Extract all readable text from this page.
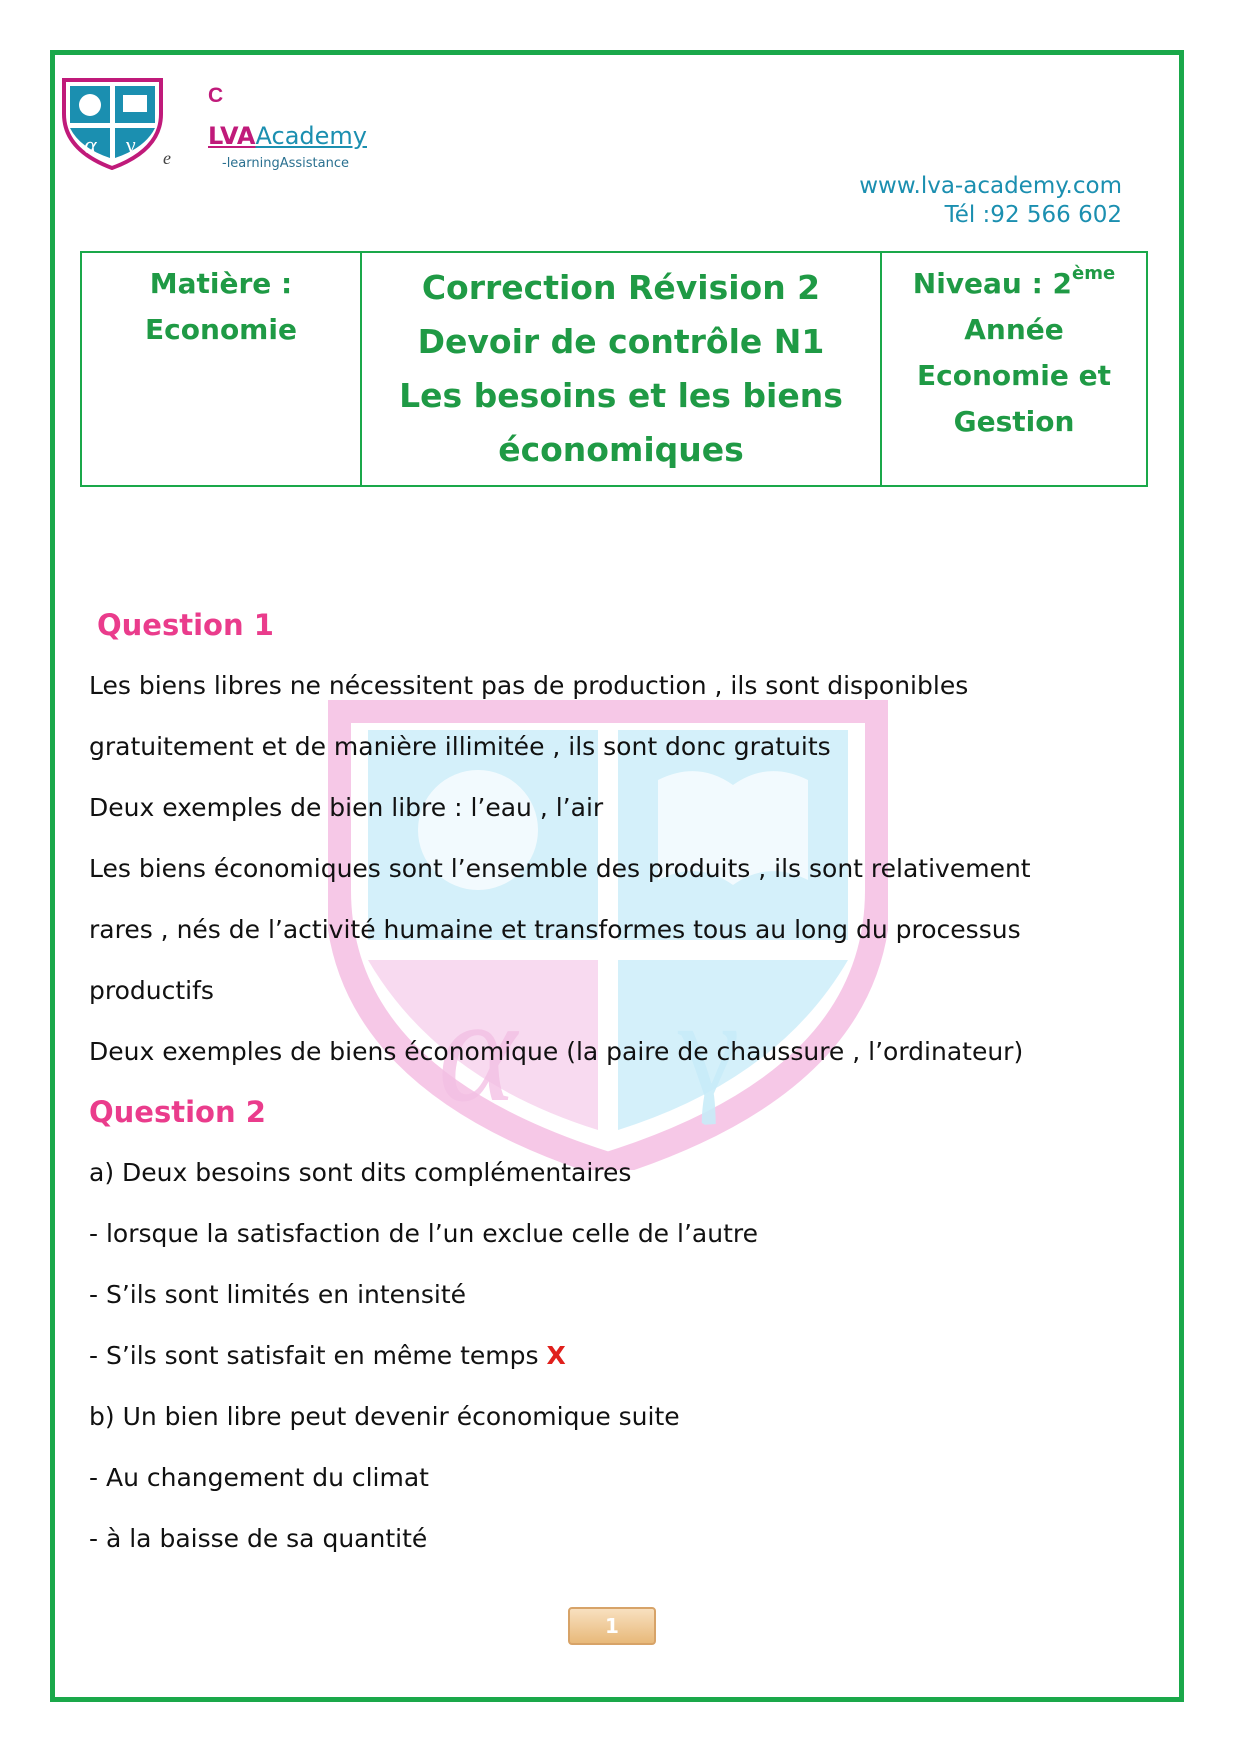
α γ
C
e
LVAAcademy
-learningAssistance
www.lva-academy.com
Tél :92 566 602
Matière :
Economie

Correction Révision 2
Devoir de contrôle N1
Les besoins et les biens
économiques

Niveau : 2ème
Année
Economie et
Gestion
α γ

Question 1

Les biens libres ne nécessitent pas de production , ils sont disponibles

gratuitement et de manière illimitée , ils sont donc gratuits

Deux exemples de bien libre : l’eau , l’air

Les biens économiques sont l’ensemble des produits , ils sont relativement

rares , nés de l’activité humaine et transformes tous au long du processus

productifs

Deux exemples de biens économique (la paire de chaussure , l’ordinateur)

Question 2

a) Deux besoins sont dits complémentaires

- lorsque la satisfaction de l’un exclue celle de l’autre

- S’ils sont limités en intensité

- S’ils sont satisfait en même temps X

b) Un bien libre peut devenir économique suite

- Au changement du climat

- à la baisse de sa quantité

1
